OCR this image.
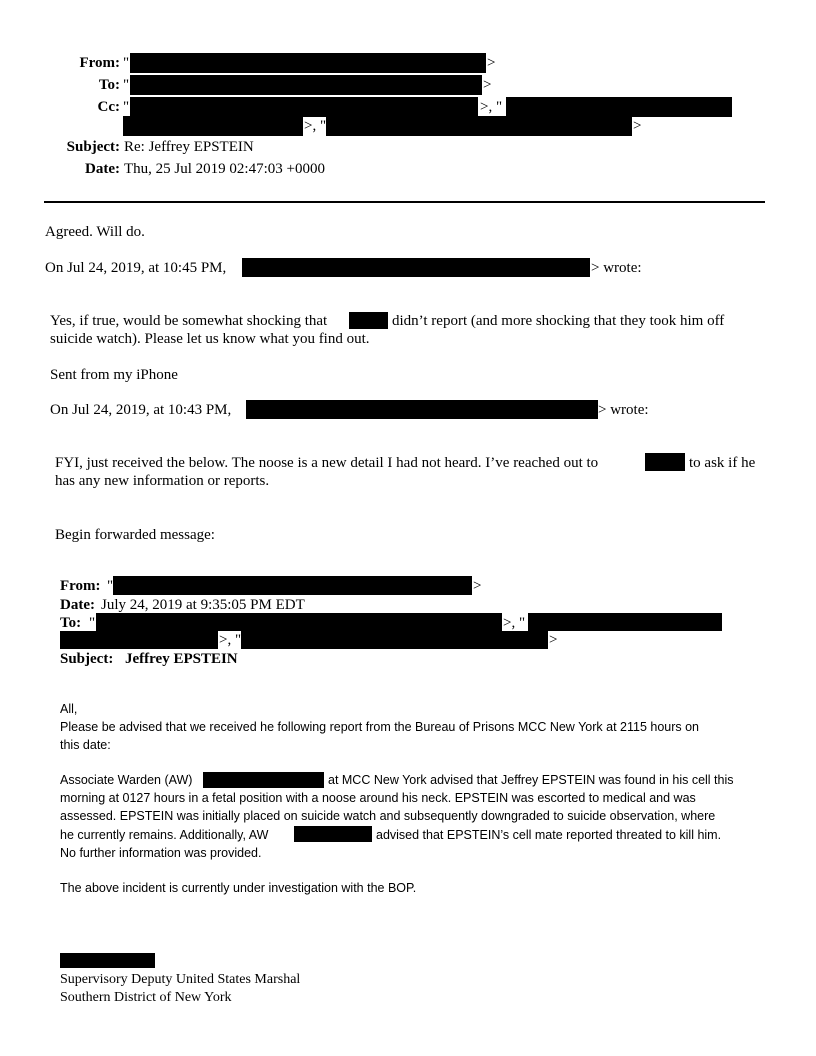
From: "	>
To: "	>
Cc: "	>, "
>, "	>
Subject: Re: Jeffrey EPSTEIN
Date: Thu, 25 Jul 2019 02:47:03 +0000
Agreed. Will do.
On Jul 24, 2019, at 10:45 PM,	> wrote:
Yes, if true, would be somewhat shocking that	didn’t report (and more shocking that they took him off
suicide watch). Please let us know what you find out.
Sent from my iPhone
On Jul 24, 2019, at 10:43 PM,	> wrote:
FYI, just received the below. The noose is a new detail I had not heard. I’ve reached out to	to ask if he
has any new information or reports.
Begin forwarded message:
From: "	>
Date: July 24, 2019 at 9:35:05 PM EDT
To: "	>, "
>, "	>
Subject: Jeffrey EPSTEIN
All,
Please be advised that we received he following report from the Bureau of Prisons MCC New York at 2115 hours on
this date:
Associate Warden (AW)	at MCC New York advised that Jeffrey EPSTEIN was found in his cell this
morning at 0127 hours in a fetal position with a noose around his neck. EPSTEIN was escorted to medical and was
assessed. EPSTEIN was initially placed on suicide watch and subsequently downgraded to suicide observation, where
he currently remains. Additionally, AW	advised that EPSTEIN’s cell mate reported threated to kill him.
No further information was provided.
The above incident is currently under investigation with the BOP.
Supervisory Deputy United States Marshal
Southern District of New York
